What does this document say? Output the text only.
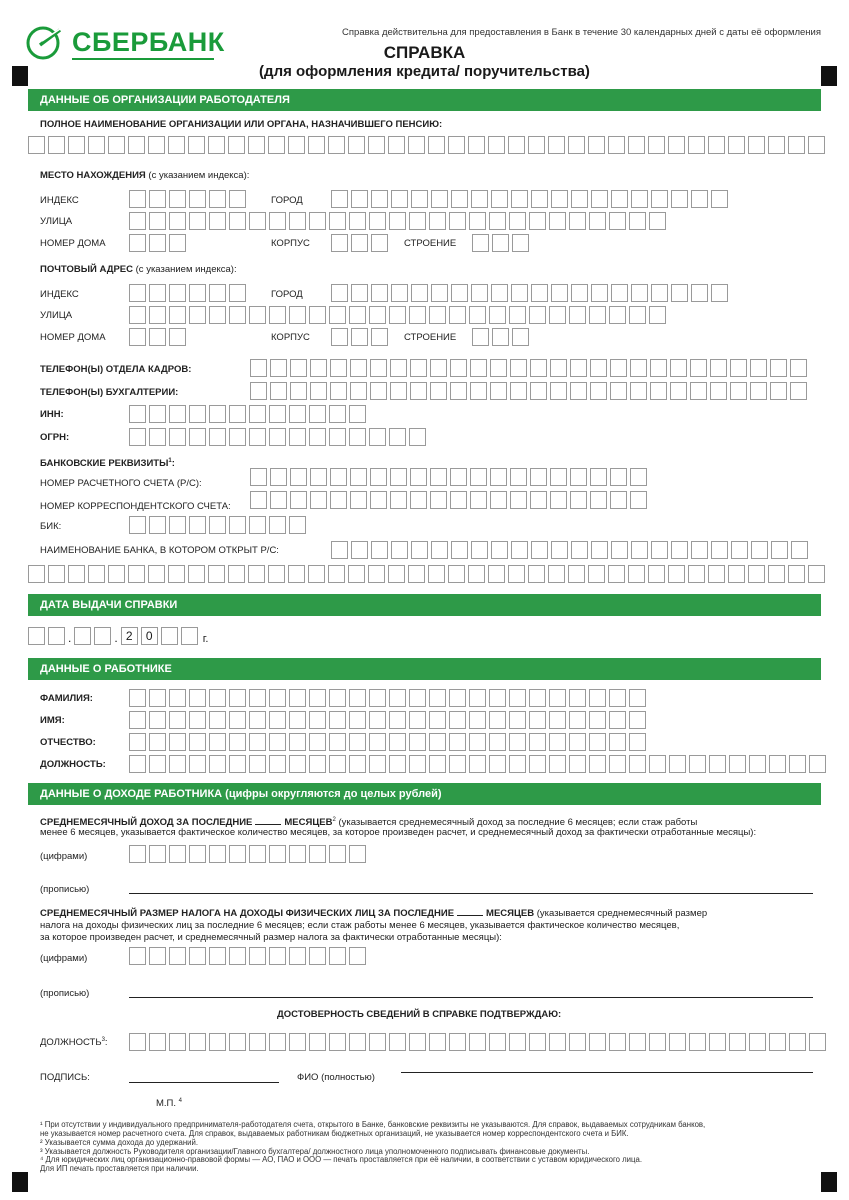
СБЕРБАНК	Справка действительна для предоставления в Банк в течение 30 календарных дней с даты её оформления
СПРАВКА
(для оформления кредита/ поручительства)
ДАННЫЕ ОБ ОРГАНИЗАЦИИ РАБОТОДАТЕЛЯ
ПОЛНОЕ НАИМЕНОВАНИЕ ОРГАНИЗАЦИИ ИЛИ ОРГАНА, НАЗНАЧИВШЕГО ПЕНСИЮ:
МЕСТО НАХОЖДЕНИЯ (с указанием индекса):
ИНДЕКС	ГОРОД
УЛИЦА
НОМЕР ДОМА	КОРПУС	СТРОЕНИЕ
ПОЧТОВЫЙ АДРЕС (с указанием индекса):
ИНДЕКС	ГОРОД
УЛИЦА
НОМЕР ДОМА	КОРПУС	СТРОЕНИЕ
ТЕЛЕФОН(Ы) ОТДЕЛА КАДРОВ:
ТЕЛЕФОН(Ы) БУХГАЛТЕРИИ:
ИНН:
ОГРН:
БАНКОВСКИЕ РЕКВИЗИТЫ$^1$:
НОМЕР РАСЧЕТНОГО СЧЕТА (Р/С):
НОМЕР КОРРЕСПОНДЕНТСКОГО СЧЕТА:
БИК:
НАИМЕНОВАНИЕ БАНКА, В КОТОРОМ ОТКРЫТ Р/С:
ДАТА ВЫДАЧИ СПРАВКИ
.	. 2	0	г.
ДАННЫЕ О РАБОТНИКЕ
ФАМИЛИЯ:
ИМЯ:
ОТЧЕСТВО:
ДОЛЖНОСТЬ:
ДАННЫЕ О ДОХОДЕ РАБОТНИКА (цифры округляются до целых рублей)
СРЕДНЕМЕСЯЧНЫЙ ДОХОД ЗА ПОСЛЕДНИЕ	МЕСЯЦЕВ$^2$ (указывается среднемесячный доход за последние 6 месяцев; если стаж работы
менее 6 месяцев, указывается фактическое количество месяцев, за которое произведен расчет, и среднемесячный доход за фактически отработанные месяцы):
(цифрами)
(прописью)
СРЕДНЕМЕСЯЧНЫЙ РАЗМЕР НАЛОГА НА ДОХОДЫ ФИЗИЧЕСКИХ ЛИЦ ЗА ПОСЛЕДНИЕ	МЕСЯЦЕВ (указывается среднемесячный размер
налога на доходы физических лиц за последние 6 месяцев; если стаж работы менее 6 месяцев, указывается фактическое количество месяцев,
за которое произведен расчет, и среднемесячный размер налога за фактически отработанные месяцы):
(цифрами)
(прописью)
ДОСТОВЕРНОСТЬ СВЕДЕНИЙ В СПРАВКЕ ПОДТВЕРЖДАЮ:
ДОЛЖНОСТЬ$^3$:
ПОДПИСЬ:	ФИО (полностью)
М.П. $^4$
¹ При отсутствии у индивидуального предпринимателя-работодателя счета, открытого в Банке, банковские реквизиты не указываются. Для справок, выдаваемых сотрудникам банков,
не указывается номер расчетного счета. Для справок, выдаваемых работникам бюджетных организаций, не указывается номер корреспондентского счета и БИК.
² Указывается сумма дохода до удержаний.
³ Указывается должность Руководителя организации/Главного бухгалтера/ должностного лица уполномоченного подписывать финансовые документы.
⁴ Для юридических лиц организационно-правовой формы — АО, ПАО и ООО — печать проставляется при её наличии, в соответствии с уставом юридического лица.
Для ИП печать проставляется при наличии.
